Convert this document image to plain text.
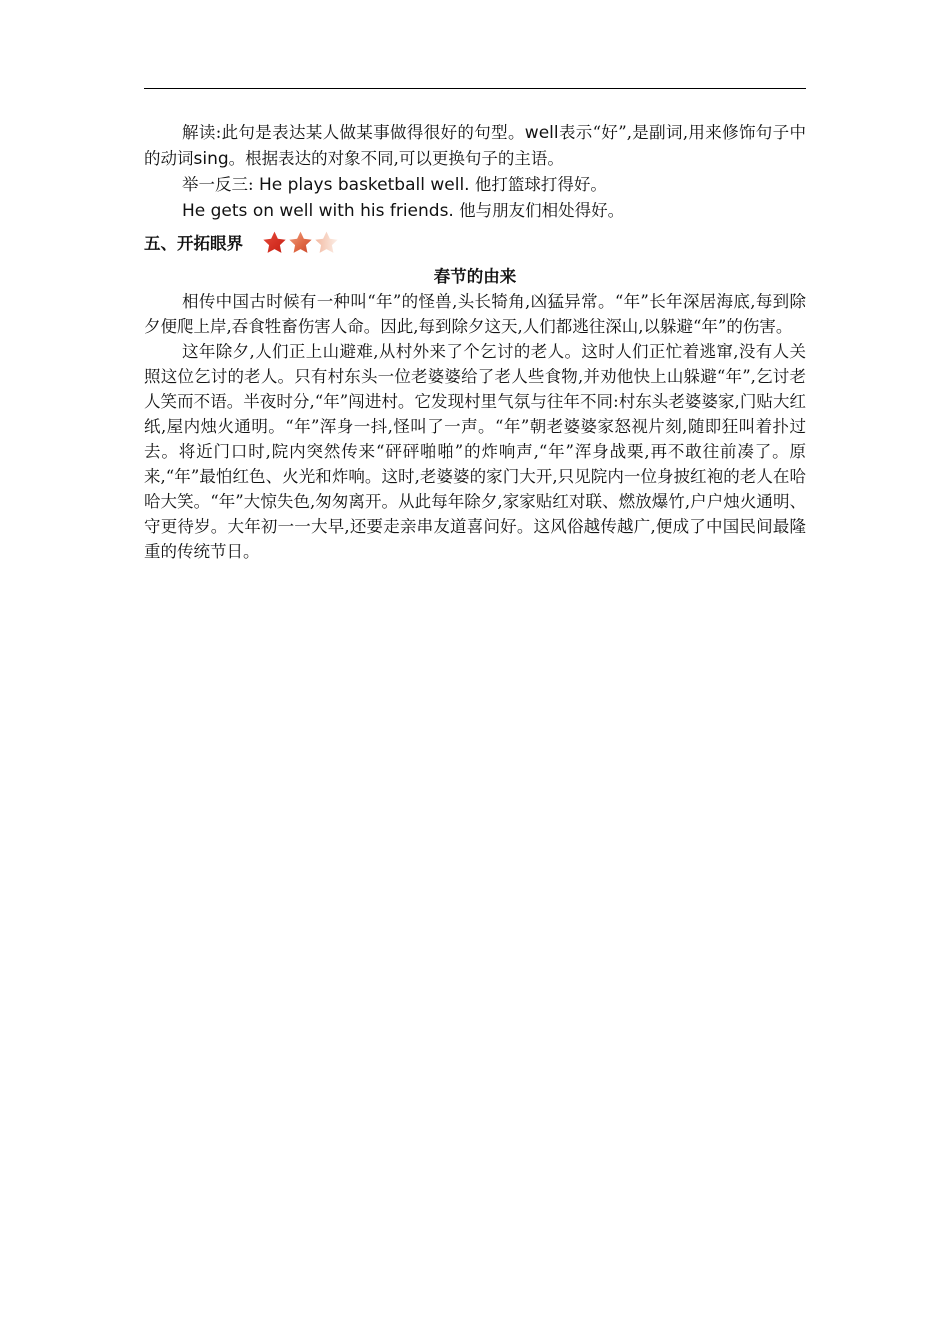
解读:此句是表达某人做某事做得很好的句型。well表示“好”,是副词,用来修饰句子中的动词sing。根据表达的对象不同,可以更换句子的主语。

举一反三: He plays basketball well. 他打篮球打得好。

He gets on well with his friends. 他与朋友们相处得好。

五、开拓眼界

春节的由来

相传中国古时候有一种叫“年”的怪兽,头长犄角,凶猛异常。“年”长年深居海底,每到除夕便爬上岸,吞食牲畜伤害人命。因此,每到除夕这天,人们都逃往深山,以躲避“年”的伤害。

这年除夕,人们正上山避难,从村外来了个乞讨的老人。这时人们正忙着逃窜,没有人关照这位乞讨的老人。只有村东头一位老婆婆给了老人些食物,并劝他快上山躲避“年”,乞讨老人笑而不语。半夜时分,“年”闯进村。它发现村里气氛与往年不同:村东头老婆婆家,门贴大红纸,屋内烛火通明。“年”浑身一抖,怪叫了一声。“年”朝老婆婆家怒视片刻,随即狂叫着扑过去。将近门口时,院内突然传来“砰砰啪啪”的炸响声,“年”浑身战栗,再不敢往前凑了。原来,“年”最怕红色、火光和炸响。这时,老婆婆的家门大开,只见院内一位身披红袍的老人在哈哈大笑。“年”大惊失色,匆匆离开。从此每年除夕,家家贴红对联、燃放爆竹,户户烛火通明、守更待岁。大年初一一大早,还要走亲串友道喜问好。这风俗越传越广,便成了中国民间最隆重的传统节日。
